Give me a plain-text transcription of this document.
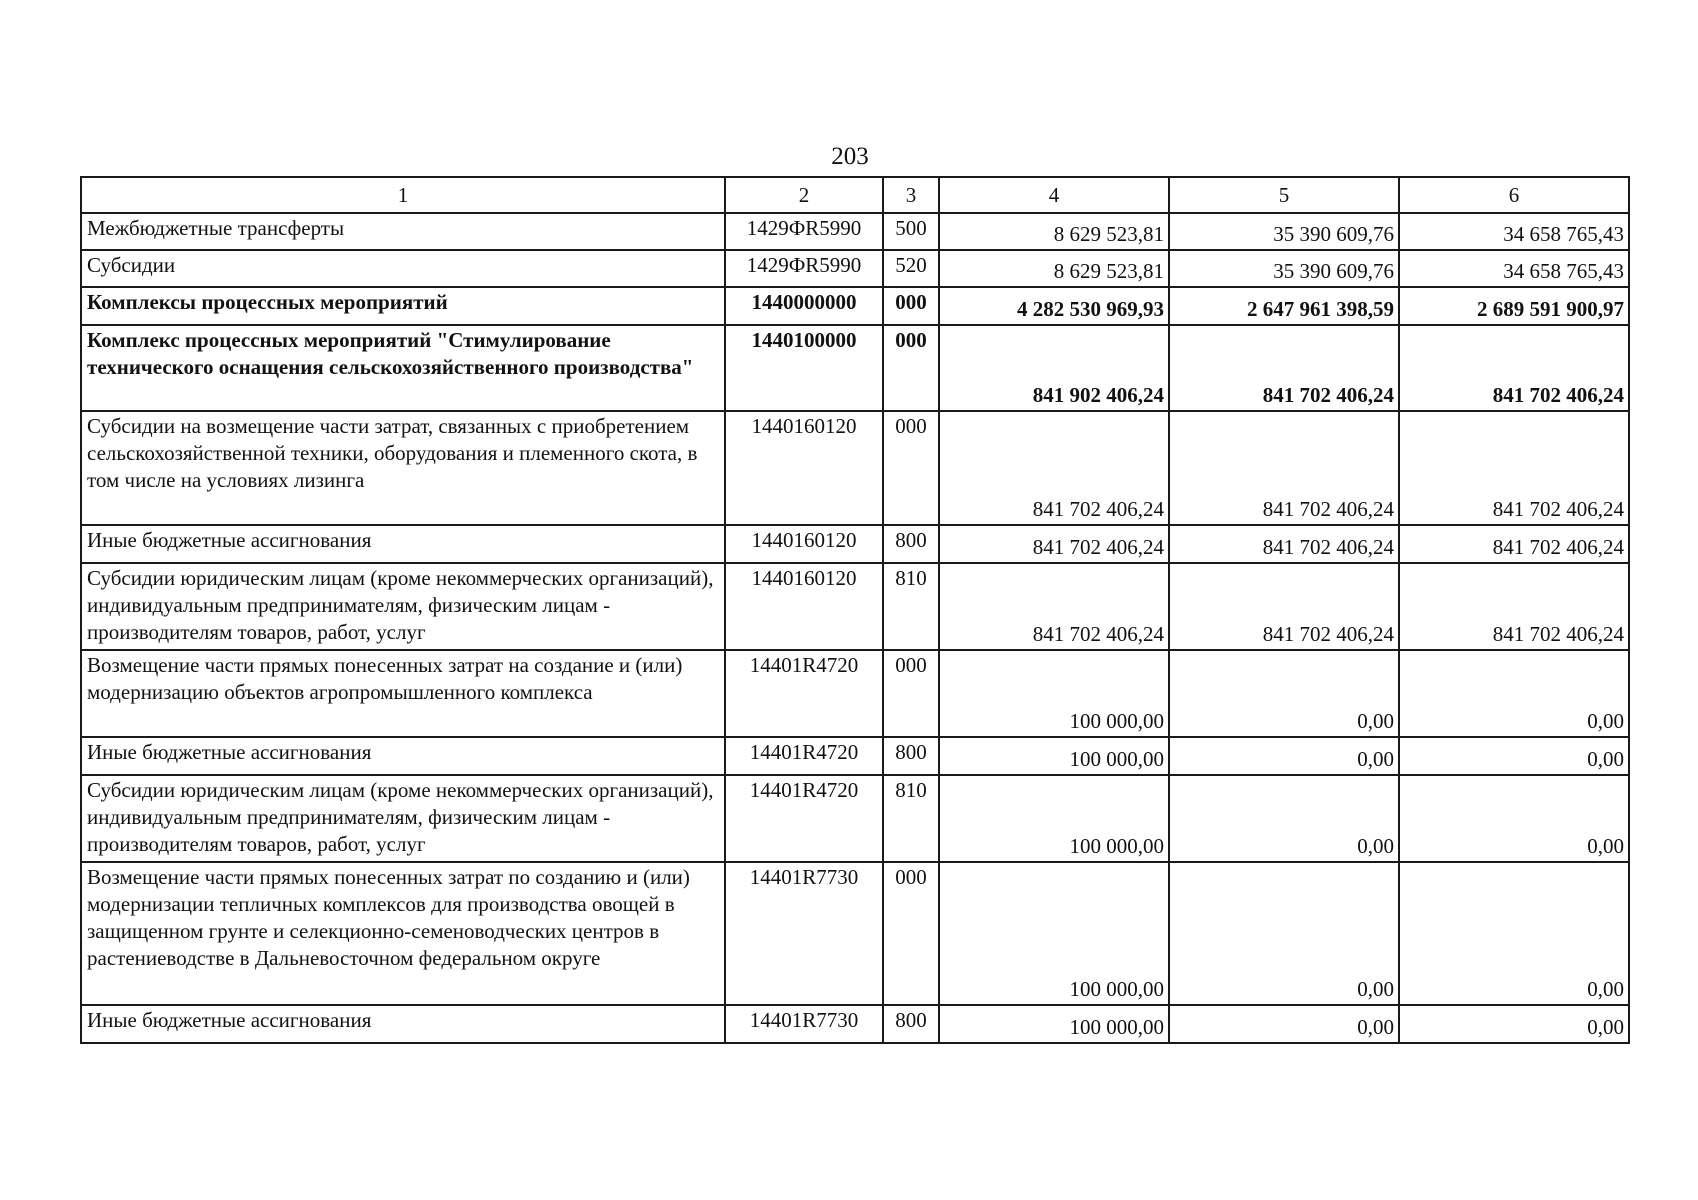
203
1	2	3	4	5	6
Межбюджетные трансферты	1429ФR5990	500	8 629 523,81	35 390 609,76	34 658 765,43
Субсидии	1429ФR5990	520	8 629 523,81	35 390 609,76	34 658 765,43
Комплексы процессных мероприятий	1440000000	000	4 282 530 969,93	2 647 961 398,59	2 689 591 900,97
Комплекс процессных мероприятий "Стимулирование технического оснащения сельскохозяйственного производства"	1440100000	000	841 902 406,24	841 702 406,24	841 702 406,24
Субсидии на возмещение части затрат, связанных с приобретением сельскохозяйственной техники, оборудования и племенного скота, в том числе на условиях лизинга	1440160120	000	841 702 406,24	841 702 406,24	841 702 406,24
Иные бюджетные ассигнования	1440160120	800	841 702 406,24	841 702 406,24	841 702 406,24
Субсидии юридическим лицам (кроме некоммерческих организаций), индивидуальным предпринимателям, физическим лицам - производителям товаров, работ, услуг	1440160120	810	841 702 406,24	841 702 406,24	841 702 406,24
Возмещение части прямых понесенных затрат на создание и (или) модернизацию объектов агропромышленного комплекса	14401R4720	000	100 000,00	0,00	0,00
Иные бюджетные ассигнования	14401R4720	800	100 000,00	0,00	0,00
Субсидии юридическим лицам (кроме некоммерческих организаций), индивидуальным предпринимателям, физическим лицам - производителям товаров, работ, услуг	14401R4720	810	100 000,00	0,00	0,00
Возмещение части прямых понесенных затрат по созданию и (или) модернизации тепличных комплексов для производства овощей в защищенном грунте и селекционно-семеноводческих центров в растениеводстве в Дальневосточном федеральном округе	14401R7730	000	100 000,00	0,00	0,00
Иные бюджетные ассигнования	14401R7730	800	100 000,00	0,00	0,00
